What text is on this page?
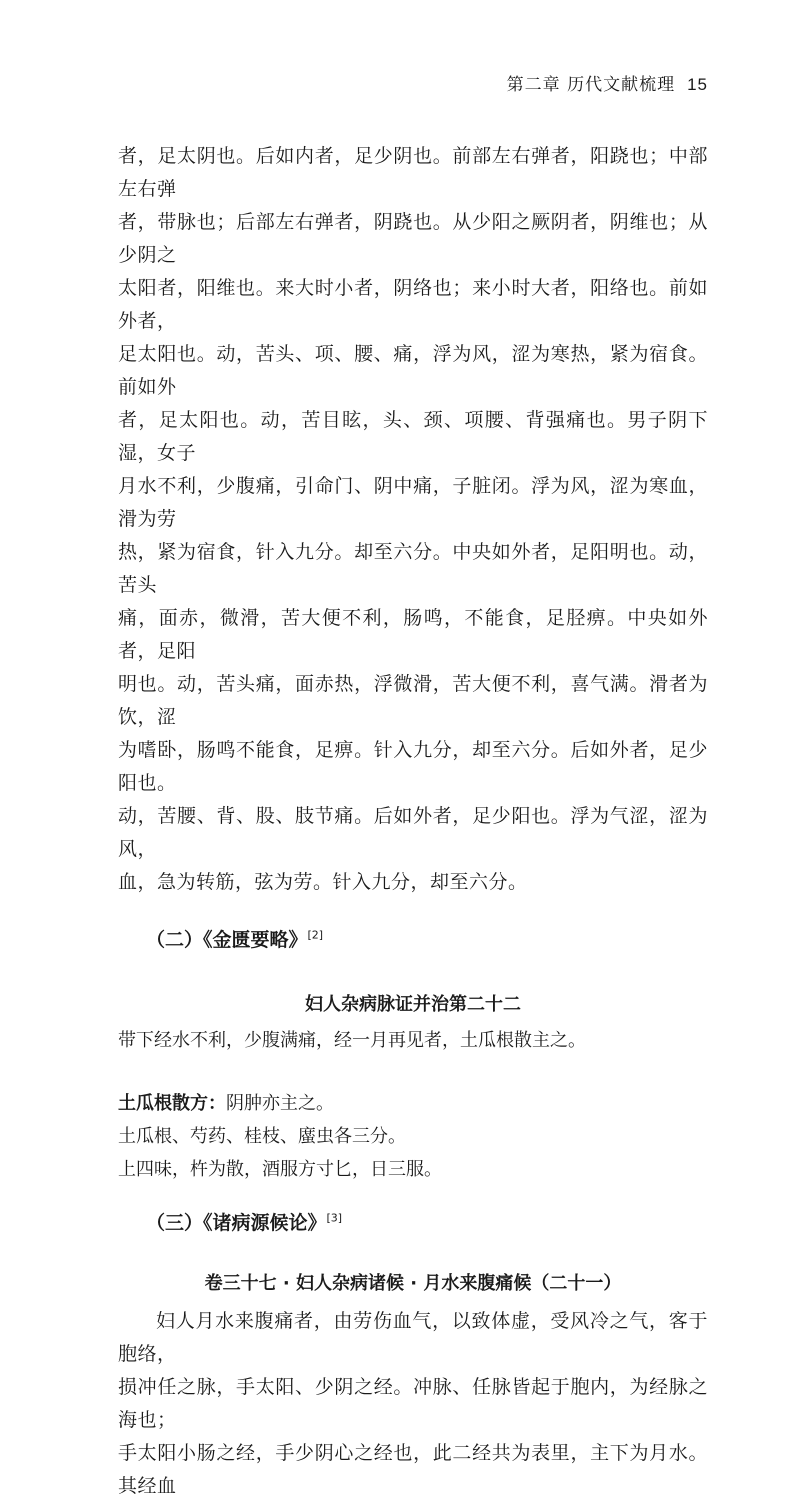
第二章 历代文献梳理 15

者，足太阴也。后如内者，足少阴也。前部左右弹者，阳跷也；中部左右弹

者，带脉也；后部左右弹者，阴跷也。从少阳之厥阴者，阴维也；从少阴之

太阳者，阳维也。来大时小者，阴络也；来小时大者，阳络也。前如外者，

足太阳也。动，苦头、项、腰、痛，浮为风，涩为寒热，紧为宿食。前如外

者，足太阳也。动，苦目眩，头、颈、项腰、背强痛也。男子阴下湿，女子

月水不利，少腹痛，引命门、阴中痛，子脏闭。浮为风，涩为寒血，滑为劳

热，紧为宿食，针入九分。却至六分。中央如外者，足阳明也。动，苦头

痛，面赤，微滑，苦大便不利，肠鸣，不能食，足胫痹。中央如外者，足阳

明也。动，苦头痛，面赤热，浮微滑，苦大便不利，喜气满。滑者为饮，涩

为嗜卧，肠鸣不能食，足痹。针入九分，却至六分。后如外者，足少阳也。

动，苦腰、背、股、肢节痛。后如外者，足少阳也。浮为气涩，涩为风，

血，急为转筋，弦为劳。针入九分，却至六分。

（二）《金匮要略》[2]
妇人杂病脉证并治第二十二

带下经水不利，少腹满痛，经一月再见者，土瓜根散主之。

土瓜根散方：阴肿亦主之。

土瓜根、芍药、桂枝、䗪虫各三分。

上四味，杵为散，酒服方寸匕，日三服。

（三）《诸病源候论》[3]
卷三十七 · 妇人杂病诸候 · 月水来腹痛候（二十一）

妇人月水来腹痛者，由劳伤血气，以致体虚，受风冷之气，客于胞络，

损冲任之脉，手太阳、少阴之经。冲脉、任脉皆起于胞内，为经脉之海也；

手太阳小肠之经，手少阴心之经也，此二经共为表里，主下为月水。其经血
